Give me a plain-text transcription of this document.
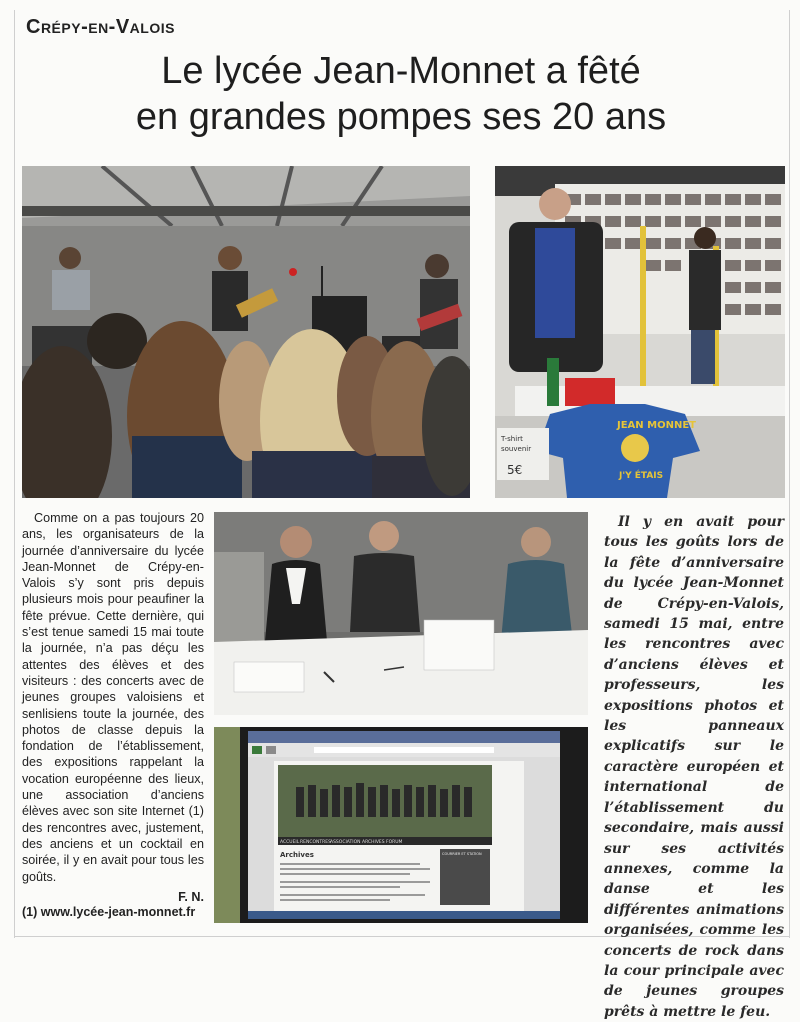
Crépy-en-Valois
Le lycée Jean-Monnet a fêté
en grandes pompes ses 20 ans
JEAN MONNET
J'Y ÉTAIS
T-shirt
souvenir
5€
ACCUEIL RENCONTRES ASSOCIATION ARCHIVES FORUM
Archives	COURRIER ET STATION

Comme on a pas toujours 20 ans, les organisateurs de la journée d’anniversaire du lycée Jean-Monnet de Crépy-en-Valois s’y sont pris depuis plusieurs mois pour peaufiner la fête prévue. Cette dernière, qui s’est tenue samedi 15 mai toute la journée, n’a pas déçu les attentes des élèves et des visiteurs : des concerts avec de jeunes groupes valoisiens et senlisiens toute la journée, des photos de classe depuis la fondation de l’établissement, des expositions rappelant la vocation européenne des lieux, une association d’anciens élèves avec son site Internet (1) des rencontres avec, justement, des anciens et un cocktail en soirée, il y en avait pour tous les goûts.

F. N.
(1) www.lycée-jean-monnet.fr

Il y en avait pour tous les goûts lors de la fête d’anniversaire du lycée Jean-Monnet de Crépy-en-Valois, samedi 15 mai, entre les rencontres avec d’anciens élèves et professeurs, les expositions photos et les panneaux explicatifs sur le caractère européen et international de l’établissement du secondaire, mais aussi sur ses activités annexes, comme la danse et les différentes animations organisées, comme les concerts de rock dans la cour principale avec de jeunes groupes prêts à mettre le feu.
